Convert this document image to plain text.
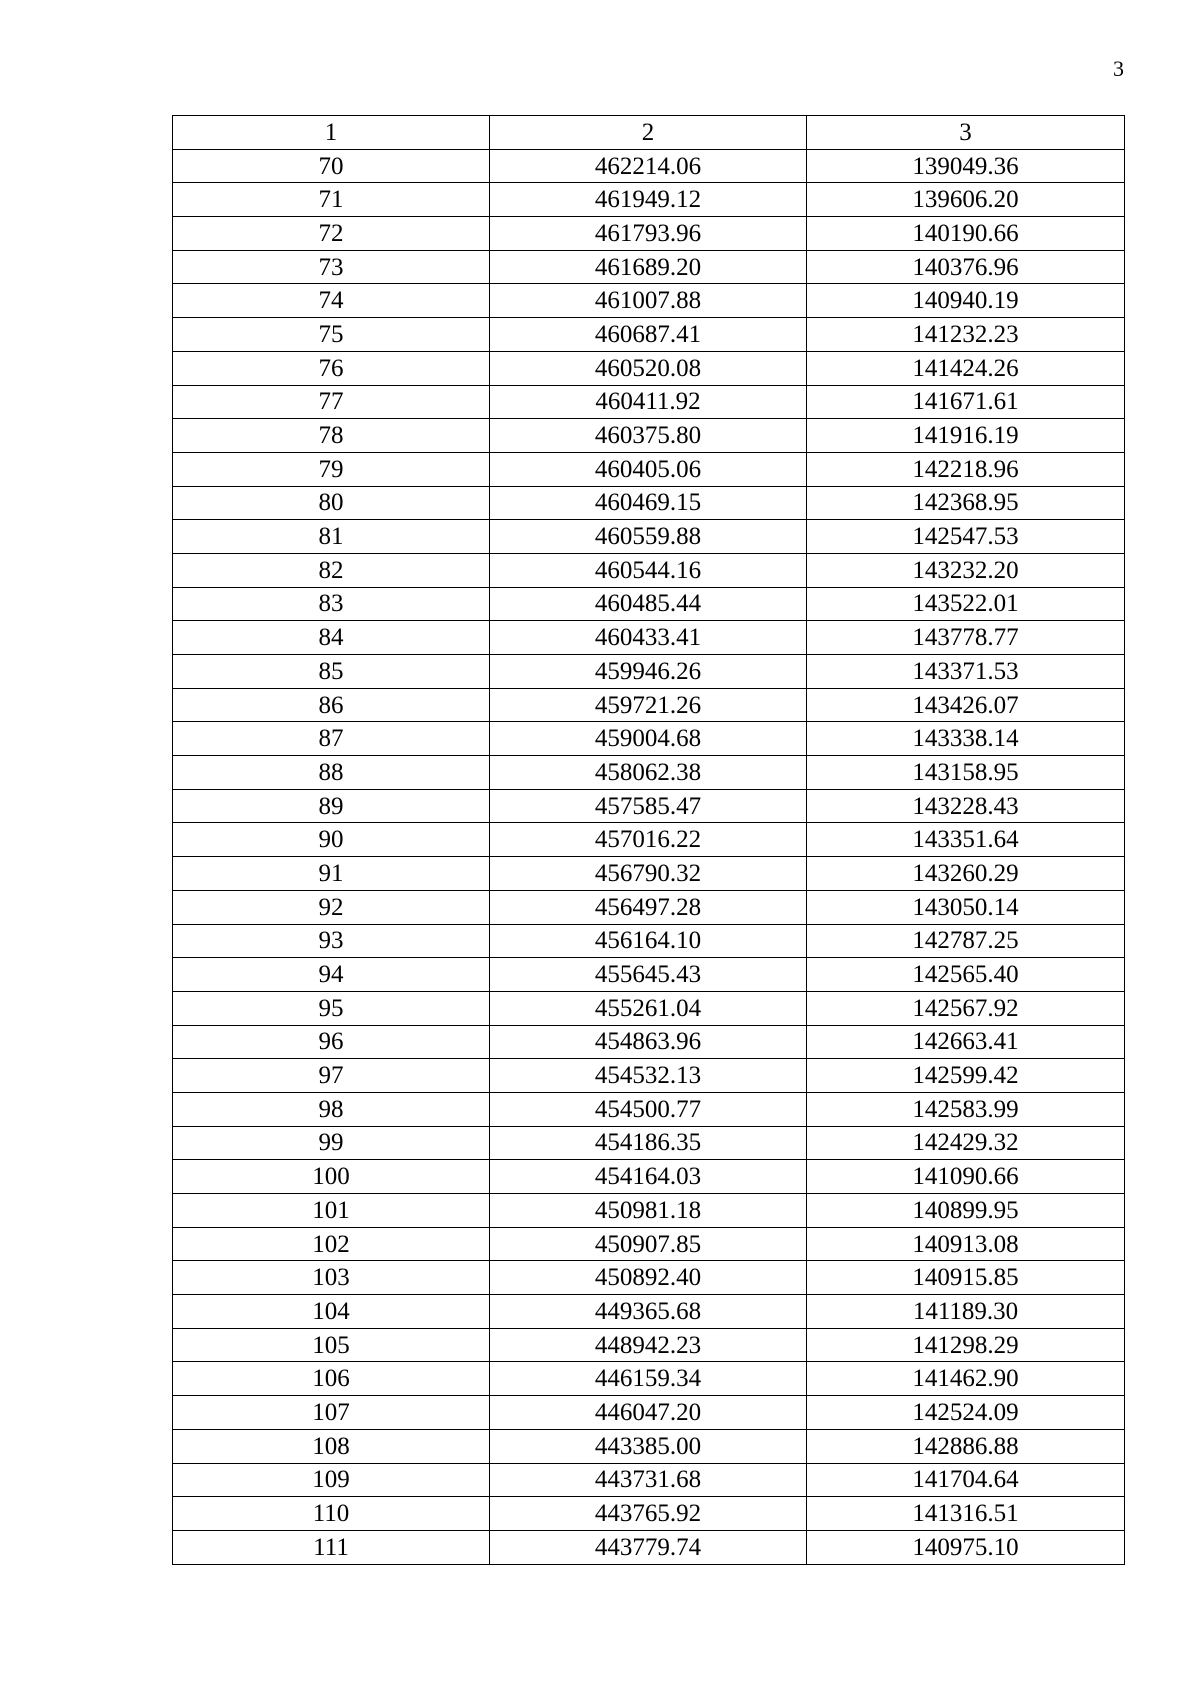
3
1	2	3
70	462214.06	139049.36
71	461949.12	139606.20
72	461793.96	140190.66
73	461689.20	140376.96
74	461007.88	140940.19
75	460687.41	141232.23
76	460520.08	141424.26
77	460411.92	141671.61
78	460375.80	141916.19
79	460405.06	142218.96
80	460469.15	142368.95
81	460559.88	142547.53
82	460544.16	143232.20
83	460485.44	143522.01
84	460433.41	143778.77
85	459946.26	143371.53
86	459721.26	143426.07
87	459004.68	143338.14
88	458062.38	143158.95
89	457585.47	143228.43
90	457016.22	143351.64
91	456790.32	143260.29
92	456497.28	143050.14
93	456164.10	142787.25
94	455645.43	142565.40
95	455261.04	142567.92
96	454863.96	142663.41
97	454532.13	142599.42
98	454500.77	142583.99
99	454186.35	142429.32
100	454164.03	141090.66
101	450981.18	140899.95
102	450907.85	140913.08
103	450892.40	140915.85
104	449365.68	141189.30
105	448942.23	141298.29
106	446159.34	141462.90
107	446047.20	142524.09
108	443385.00	142886.88
109	443731.68	141704.64
110	443765.92	141316.51
111	443779.74	140975.10
